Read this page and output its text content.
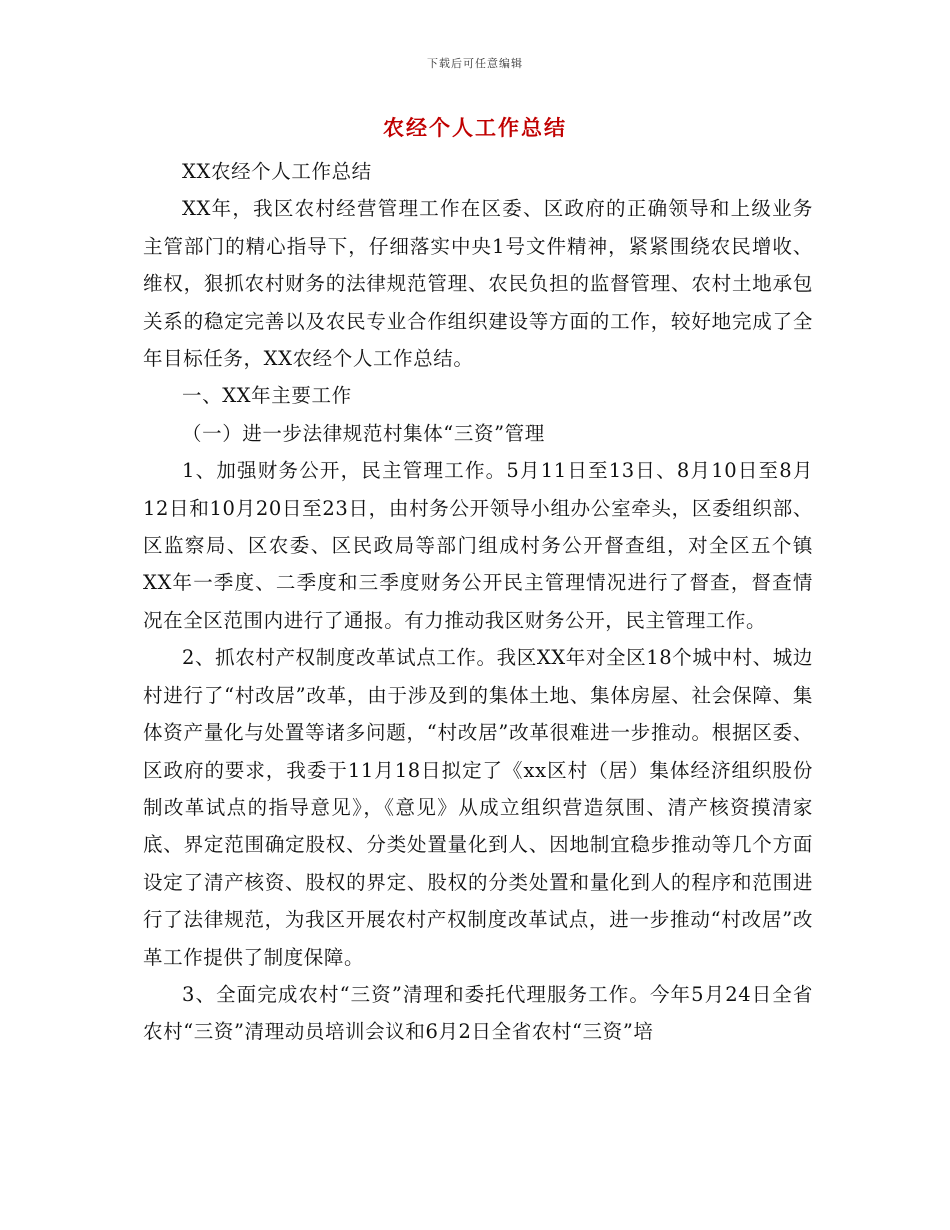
下载后可任意编辑
农经个人工作总结

XX农经个人工作总结

XX年，我区农村经营管理工作在区委、区政府的正确领导和上级业务主管部门的精心指导下，仔细落实中央1号文件精神，紧紧围绕农民增收、维权，狠抓农村财务的法律规范管理、农民负担的监督管理、农村土地承包关系的稳定完善以及农民专业合作组织建设等方面的工作，较好地完成了全年目标任务，XX农经个人工作总结。

一、XX年主要工作

（一）进一步法律规范村集体“三资”管理

1、加强财务公开，民主管理工作。5月11日至13日、8月10日至8月12日和10月20日至23日，由村务公开领导小组办公室牵头，区委组织部、区监察局、区农委、区民政局等部门组成村务公开督查组，对全区五个镇XX年一季度、二季度和三季度财务公开民主管理情况进行了督查，督查情况在全区范围内进行了通报。有力推动我区财务公开，民主管理工作。

2、抓农村产权制度改革试点工作。我区XX年对全区18个城中村、城边村进行了“村改居”改革，由于涉及到的集体土地、集体房屋、社会保障、集体资产量化与处置等诸多问题，“村改居”改革很难进一步推动。根据区委、区政府的要求，我委于11月18日拟定了《xx区村（居）集体经济组织股份制改革试点的指导意见》，《意见》从成立组织营造氛围、清产核资摸清家底、界定范围确定股权、分类处置量化到人、因地制宜稳步推动等几个方面设定了清产核资、股权的界定、股权的分类处置和量化到人的程序和范围进行了法律规范，为我区开展农村产权制度改革试点，进一步推动“村改居”改革工作提供了制度保障。

3、全面完成农村“三资”清理和委托代理服务工作。今年5月24日全省农村“三资”清理动员培训会议和6月2日全省农村“三资”培
